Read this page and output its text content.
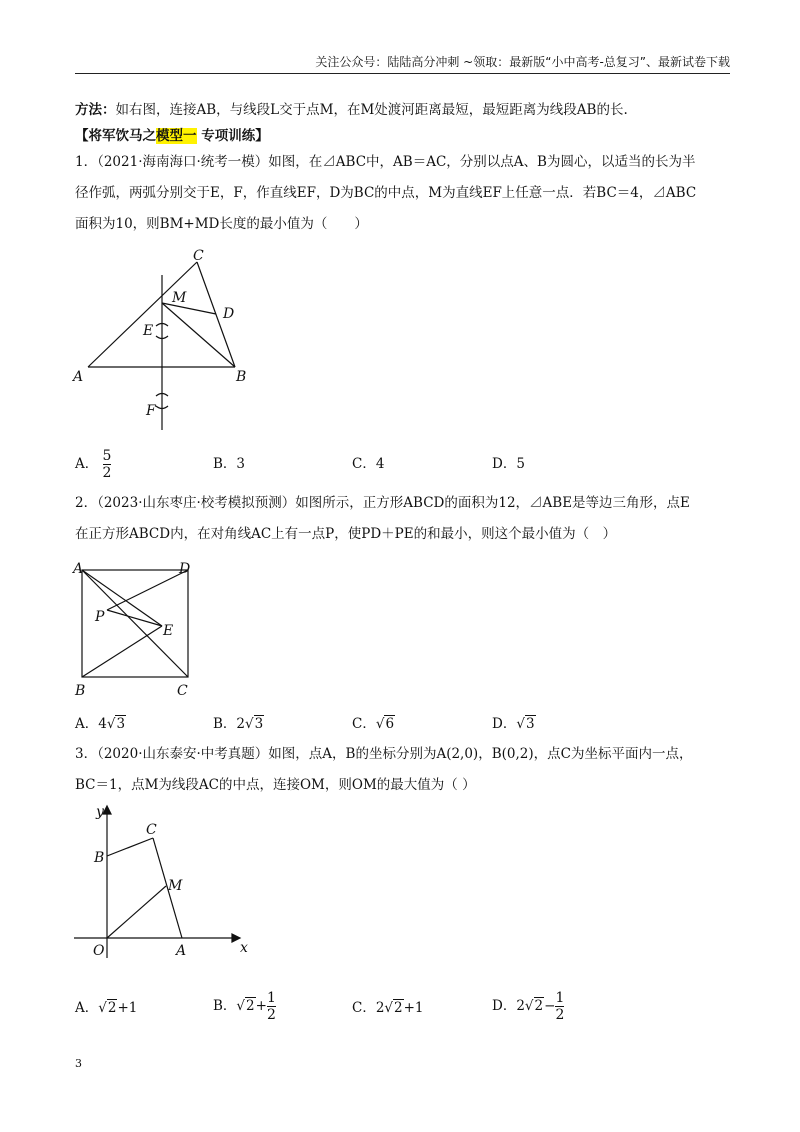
关注公众号：陆陆高分冲刺 ~领取：最新版“小中高考-总复习”、最新试卷下载
方法：如右图，连接AB，与线段L交于点M，在M处渡河距离最短，最短距离为线段AB的长.
【将军饮马之模型一 专项训练】
1．（2021·海南海口·统考一模）如图，在⊿ABC中，AB＝AC，分别以点A、B为圆心，以适当的长为半
径作弧，两弧分别交于E，F，作直线EF，D为BC的中点，M为直线EF上任意一点．若BC＝4，⊿ABC
面积为10，则BM+MD长度的最小值为（　　）
C
M
D
E
A	B
F
A． $\frac{5}{2}$	B．3	C．4	D．5
2．（2023·山东枣庄·校考模拟预测）如图所示，正方形ABCD的面积为12，⊿ABE是等边三角形，点E
在正方形ABCD内，在对角线AC上有一点P，使PD＋PE的和最小，则这个最小值为（　）
A	D
P
E
B	C
A．4√3	B．2√3	C．√6	D．√3
3．（2020·山东泰安·中考真题）如图，点A，B的坐标分别为A(2,0)，B(0,2)，点C为坐标平面内一点，
BC＝1，点M为线段AC的中点，连接OM，则OM的最大值为（ ）
y
x
O	A
B
C
M
A．√2+1	B．$√2+ \frac{1}{2}$	C．2√2+1	D．$2√2- \frac{1}{2}$
3
